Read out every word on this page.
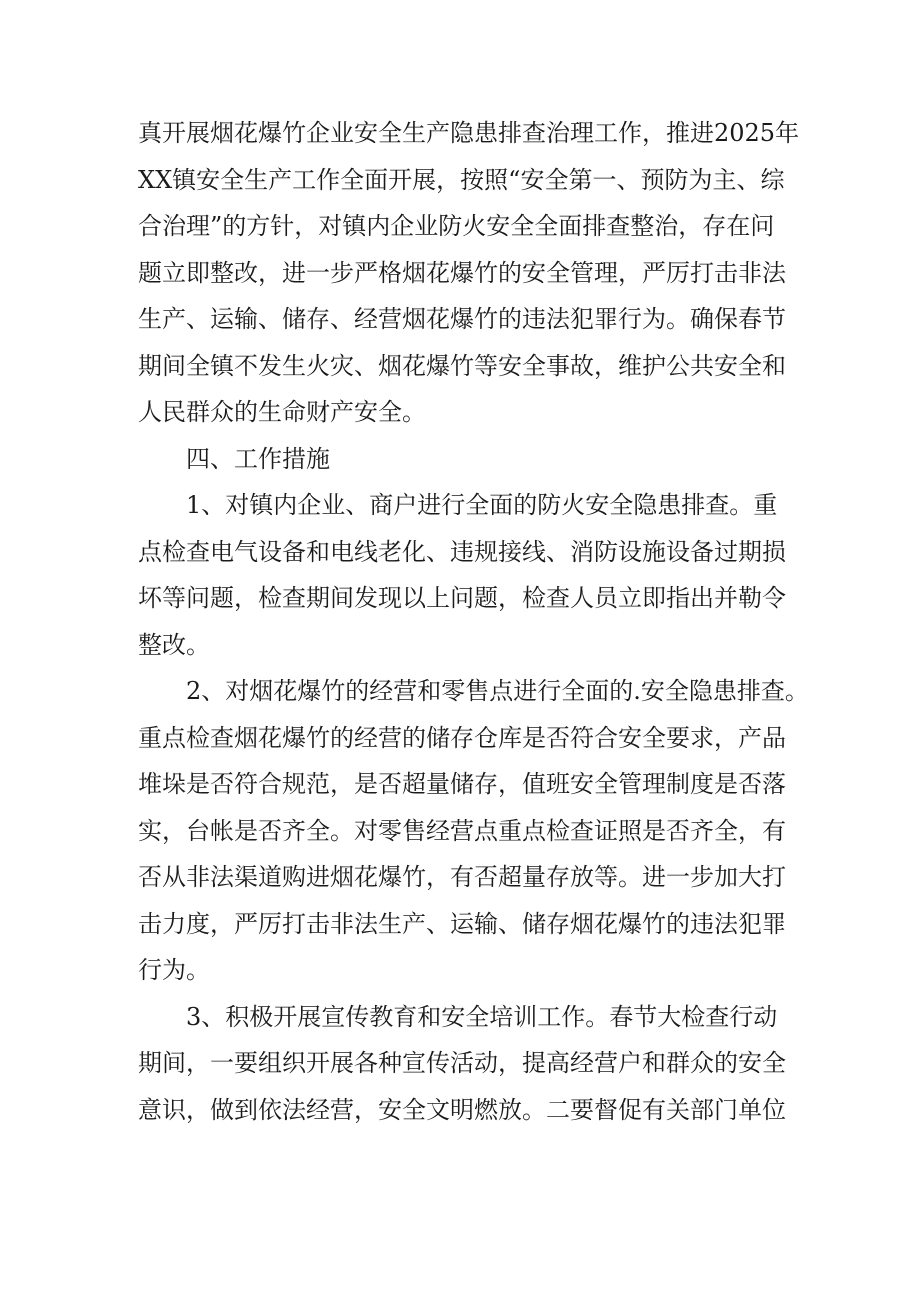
真开展烟花爆竹企业安全生产隐患排查治理工作，推进2025年
XX镇安全生产工作全面开展，按照“安全第一、预防为主、综
合治理”的方针，对镇内企业防火安全全面排查整治，存在问
题立即整改，进一步严格烟花爆竹的安全管理，严厉打击非法
生产、运输、储存、经营烟花爆竹的违法犯罪行为。确保春节
期间全镇不发生火灾、烟花爆竹等安全事故，维护公共安全和
人民群众的生命财产安全。
四、工作措施
1、对镇内企业、商户进行全面的防火安全隐患排查。重
点检查电气设备和电线老化、违规接线、消防设施设备过期损
坏等问题，检查期间发现以上问题，检查人员立即指出并勒令
整改。
2、对烟花爆竹的经营和零售点进行全面的.安全隐患排查。
重点检查烟花爆竹的经营的储存仓库是否符合安全要求，产品
堆垛是否符合规范，是否超量储存，值班安全管理制度是否落
实，台帐是否齐全。对零售经营点重点检查证照是否齐全，有
否从非法渠道购进烟花爆竹，有否超量存放等。进一步加大打
击力度，严厉打击非法生产、运输、储存烟花爆竹的违法犯罪
行为。
3、积极开展宣传教育和安全培训工作。春节大检查行动
期间，一要组织开展各种宣传活动，提高经营户和群众的安全
意识，做到依法经营，安全文明燃放。二要督促有关部门单位
